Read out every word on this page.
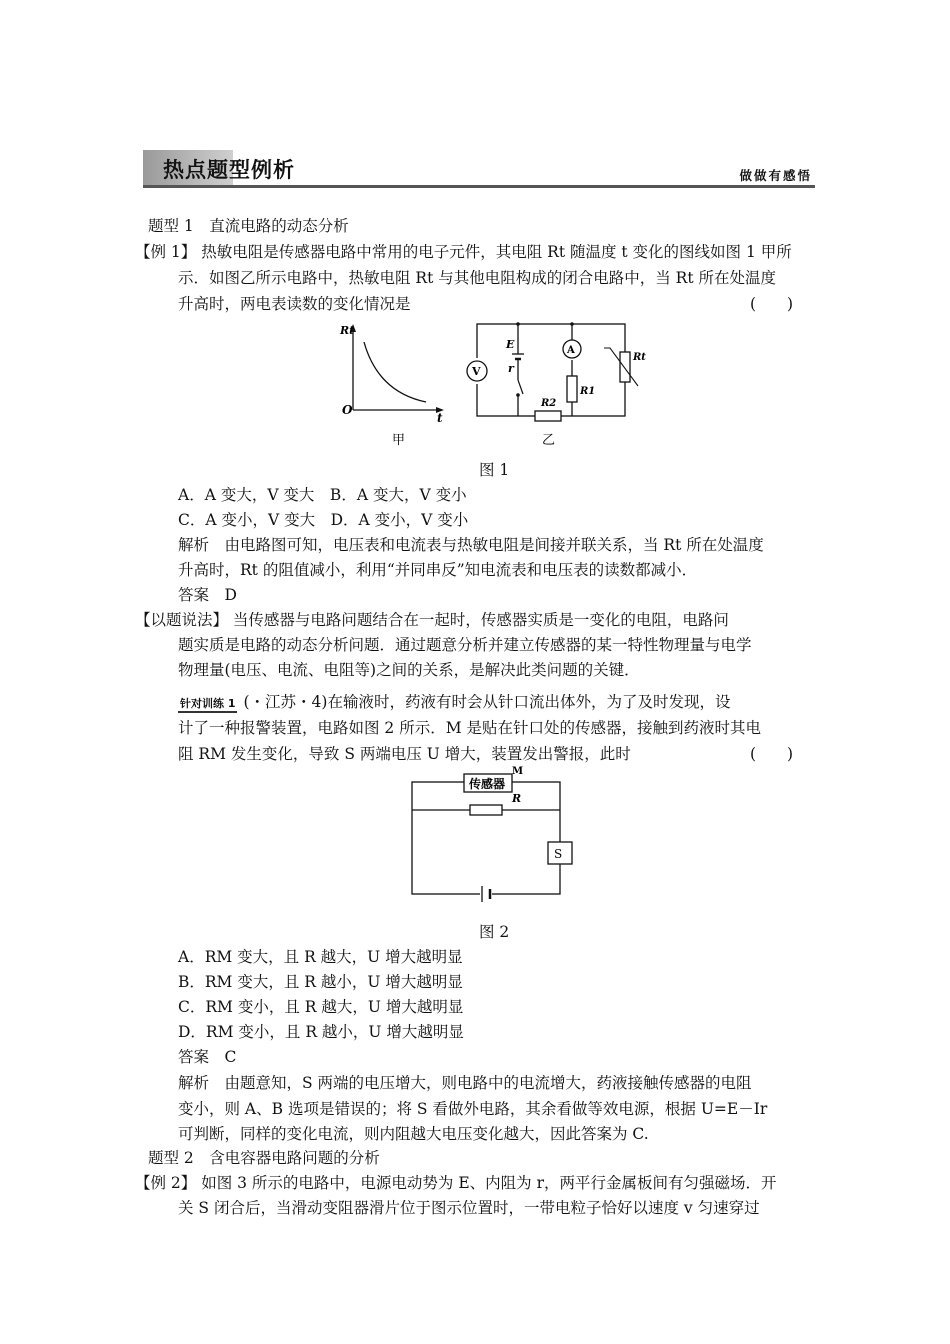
热点题型例析	做做有感悟
题型 1　直流电路的动态分析
【例 1】 热敏电阻是传感器电路中常用的电子元件，其电阻 Rt 随温度 t 变化的图线如图 1 甲所
示．如图乙所示电路中，热敏电阻 Rt 与其他电阻构成的闭合电路中，当 Rt 所在处温度
升高时，两电表读数的变化情况是	(　　)
Rt
t
O
甲
E
r
V
A
R1
R2
Rt
乙
图 1
A．A 变大，V 变大　B．A 变大，V 变小
C．A 变小，V 变大　D．A 变小，V 变小
解析　由电路图可知，电压表和电流表与热敏电阻是间接并联关系，当 Rt 所在处温度
升高时，Rt 的阻值减小，利用“并同串反”知电流表和电压表的读数都减小．
答案　D
【以题说法】 当传感器与电路问题结合在一起时，传感器实质是一变化的电阻，电路问
题实质是电路的动态分析问题．通过题意分析并建立传感器的某一特性物理量与电学
物理量(电压、电流、电阻等)之间的关系，是解决此类问题的关键．
针对训练 1 (・江苏・4)在输液时，药液有时会从针口流出体外，为了及时发现，设
计了一种报警装置，电路如图 2 所示．M 是贴在针口处的传感器，接触到药液时其电
阻 RM 发生变化，导致 S 两端电压 U 增大，装置发出警报，此时	(　　)
传感器
M
R
S
图 2
A．RM 变大，且 R 越大，U 增大越明显
B．RM 变大，且 R 越小，U 增大越明显
C．RM 变小，且 R 越大，U 增大越明显
D．RM 变小，且 R 越小，U 增大越明显
答案　C
解析　由题意知，S 两端的电压增大，则电路中的电流增大，药液接触传感器的电阻
变小，则 A、B 选项是错误的；将 S 看做外电路，其余看做等效电源，根据 U=E－Ir
可判断，同样的变化电流，则内阻越大电压变化越大，因此答案为 C.
题型 2　含电容器电路问题的分析
【例 2】 如图 3 所示的电路中，电源电动势为 E、内阻为 r，两平行金属板间有匀强磁场．开
关 S 闭合后，当滑动变阻器滑片位于图示位置时，一带电粒子恰好以速度 v 匀速穿过
